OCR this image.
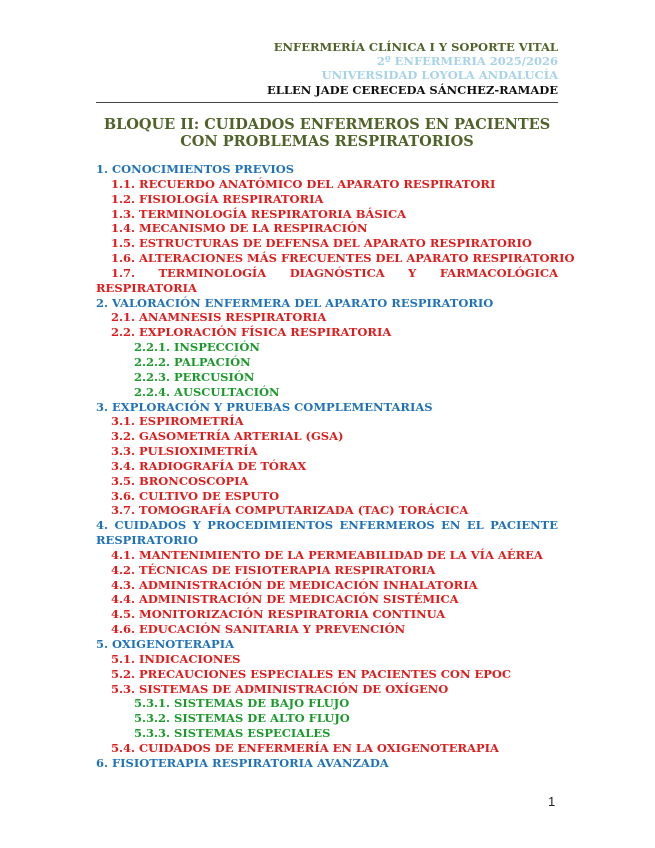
ENFERMERÍA CLÍNICA I Y SOPORTE VITAL
2º ENFERMERIA 2025/2026
UNIVERSIDAD LOYOLA ANDALUCÍA
ELLEN JADE CERECEDA SÁNCHEZ-RAMADE
BLOQUE II: CUIDADOS ENFERMEROS EN PACIENTES CON PROBLEMAS RESPIRATORIOS
1. CONOCIMIENTOS PREVIOS
1.1. RECUERDO ANATÓMICO DEL APARATO RESPIRATORI
1.2. FISIOLOGÍA RESPIRATORIA
1.3. TERMINOLOGÍA RESPIRATORIA BÁSICA
1.4. MECANISMO DE LA RESPIRACIÓN
1.5. ESTRUCTURAS DE DEFENSA DEL APARATO RESPIRATORIO
1.6. ALTERACIONES MÁS FRECUENTES DEL APARATO RESPIRATORIO
1.7. TERMINOLOGÍA DIAGNÓSTICA Y FARMACOLÓGICA RESPIRATORIA
2. VALORACIÓN ENFERMERA DEL APARATO RESPIRATORIO
2.1. ANAMNESIS RESPIRATORIA
2.2. EXPLORACIÓN FÍSICA RESPIRATORIA
2.2.1. INSPECCIÓN
2.2.2. PALPACIÓN
2.2.3. PERCUSIÓN
2.2.4. AUSCULTACIÓN
3. EXPLORACIÓN Y PRUEBAS COMPLEMENTARIAS
3.1. ESPIROMETRÍA
3.2. GASOMETRÍA ARTERIAL (GSA)
3.3. PULSIOXIMETRÍA
3.4. RADIOGRAFÍA DE TÓRAX
3.5. BRONCOSCOPIA
3.6. CULTIVO DE ESPUTO
3.7. TOMOGRAFÍA COMPUTARIZADA (TAC) TORÁCICA
4. CUIDADOS Y PROCEDIMIENTOS ENFERMEROS EN EL PACIENTE RESPIRATORIO
4.1. MANTENIMIENTO DE LA PERMEABILIDAD DE LA VÍA AÉREA
4.2. TÉCNICAS DE FISIOTERAPIA RESPIRATORIA
4.3. ADMINISTRACIÓN DE MEDICACIÓN INHALATORIA
4.4. ADMINISTRACIÓN DE MEDICACIÓN SISTÉMICA
4.5. MONITORIZACIÓN RESPIRATORIA CONTINUA
4.6. EDUCACIÓN SANITARIA Y PREVENCIÓN
5. OXIGENOTERAPIA
5.1. INDICACIONES
5.2. PRECAUCIONES ESPECIALES EN PACIENTES CON EPOC
5.3. SISTEMAS DE ADMINISTRACIÓN DE OXÍGENO
5.3.1. SISTEMAS DE BAJO FLUJO
5.3.2. SISTEMAS DE ALTO FLUJO
5.3.3. SISTEMAS ESPECIALES
5.4. CUIDADOS DE ENFERMERÍA EN LA OXIGENOTERAPIA
6. FISIOTERAPIA RESPIRATORIA AVANZADA
1
